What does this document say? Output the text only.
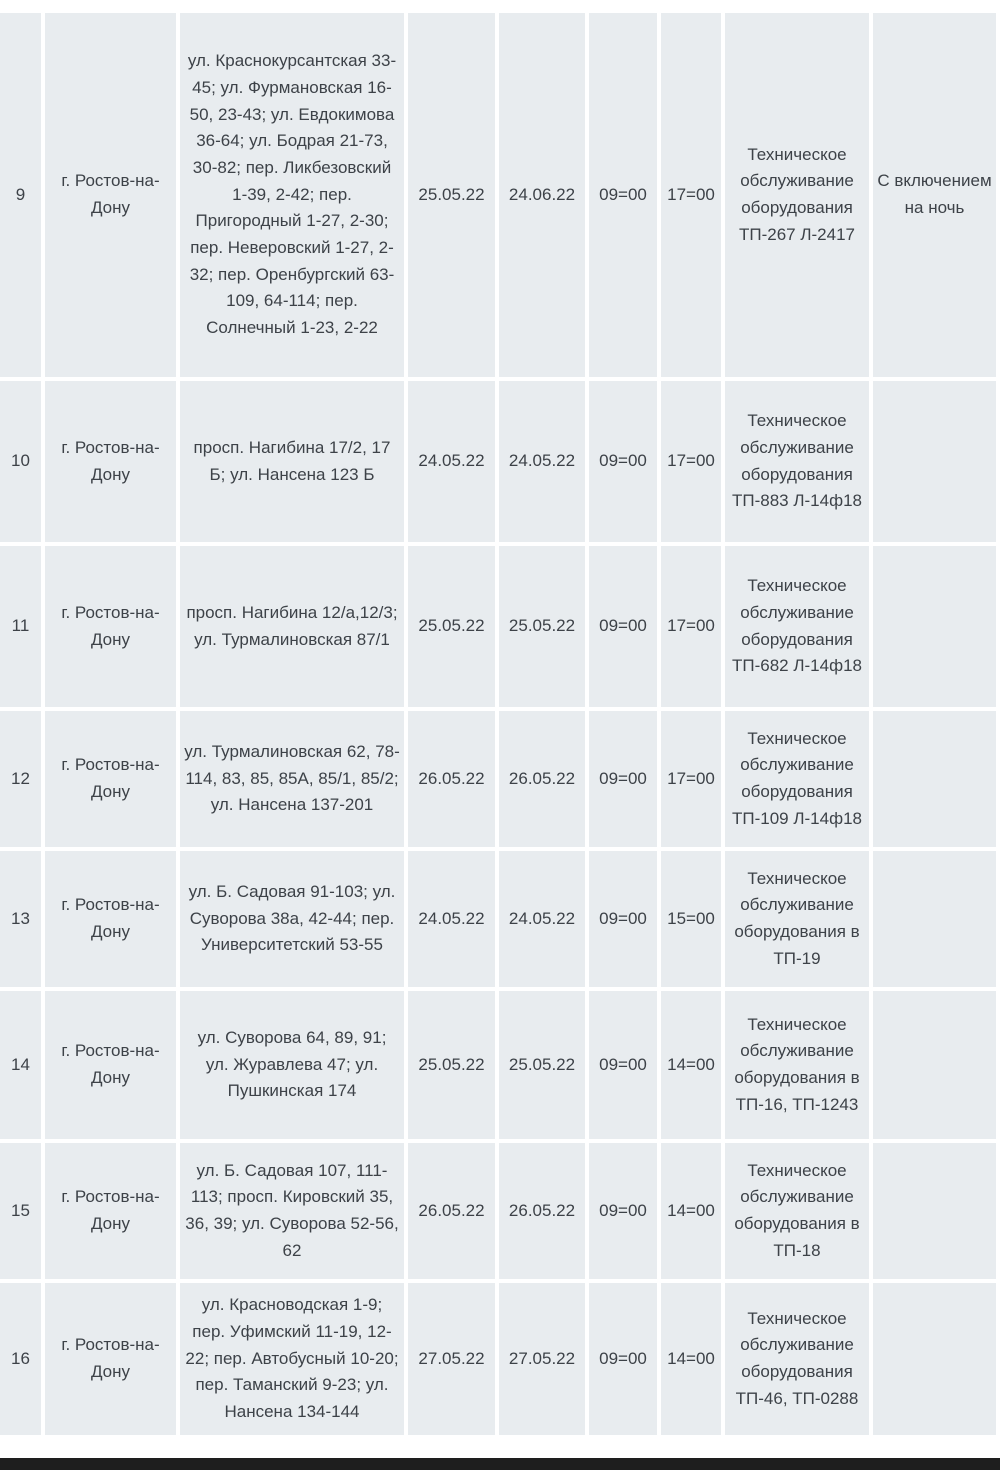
9	г. Ростов-на-Дону	ул. Краснокурсантская 33-45; ул. Фурмановская 16-50, 23-43; ул. Евдокимова 36-64; ул. Бодрая 21-73, 30-82; пер. Ликбезовский 1-39, 2-42; пер. Пригородный 1-27, 2-30; пер. Неверовский 1-27, 2-32; пер. Оренбургский 63-109, 64-114; пер. Солнечный 1-23, 2-22	25.05.22	24.06.22	09=00	17=00	Техническое обслуживание оборудования ТП-267 Л-2417	С включением на ночь
10	г. Ростов-на-Дону	просп. Нагибина 17/2, 17 Б; ул. Нансена 123 Б	24.05.22	24.05.22	09=00	17=00	Техническое обслуживание оборудования ТП-883 Л-14ф18	
11	г. Ростов-на-Дону	просп. Нагибина 12/а,12/3; ул. Турмалиновская 87/1	25.05.22	25.05.22	09=00	17=00	Техническое обслуживание оборудования ТП-682 Л-14ф18	
12	г. Ростов-на-Дону	ул. Турмалиновская 62, 78-114, 83, 85, 85А, 85/1, 85/2; ул. Нансена 137-201	26.05.22	26.05.22	09=00	17=00	Техническое обслуживание оборудования ТП-109 Л-14ф18	
13	г. Ростов-на-Дону	ул. Б. Садовая 91-103; ул. Суворова 38а, 42-44; пер. Университетский 53-55	24.05.22	24.05.22	09=00	15=00	Техническое обслуживание оборудования в ТП-19	
14	г. Ростов-на-Дону	ул. Суворова 64, 89, 91; ул. Журавлева 47; ул. Пушкинская 174	25.05.22	25.05.22	09=00	14=00	Техническое обслуживание оборудования в ТП-16, ТП-1243	
15	г. Ростов-на-Дону	ул. Б. Садовая 107, 111-113; просп. Кировский 35, 36, 39; ул. Суворова 52-56, 62	26.05.22	26.05.22	09=00	14=00	Техническое обслуживание оборудования в ТП-18	
16	г. Ростов-на-Дону	ул. Красноводская 1-9; пер. Уфимский 11-19, 12-22; пер. Автобусный 10-20; пер. Таманский 9-23; ул. Нансена 134-144	27.05.22	27.05.22	09=00	14=00	Техническое обслуживание оборудования ТП-46, ТП-0288	
